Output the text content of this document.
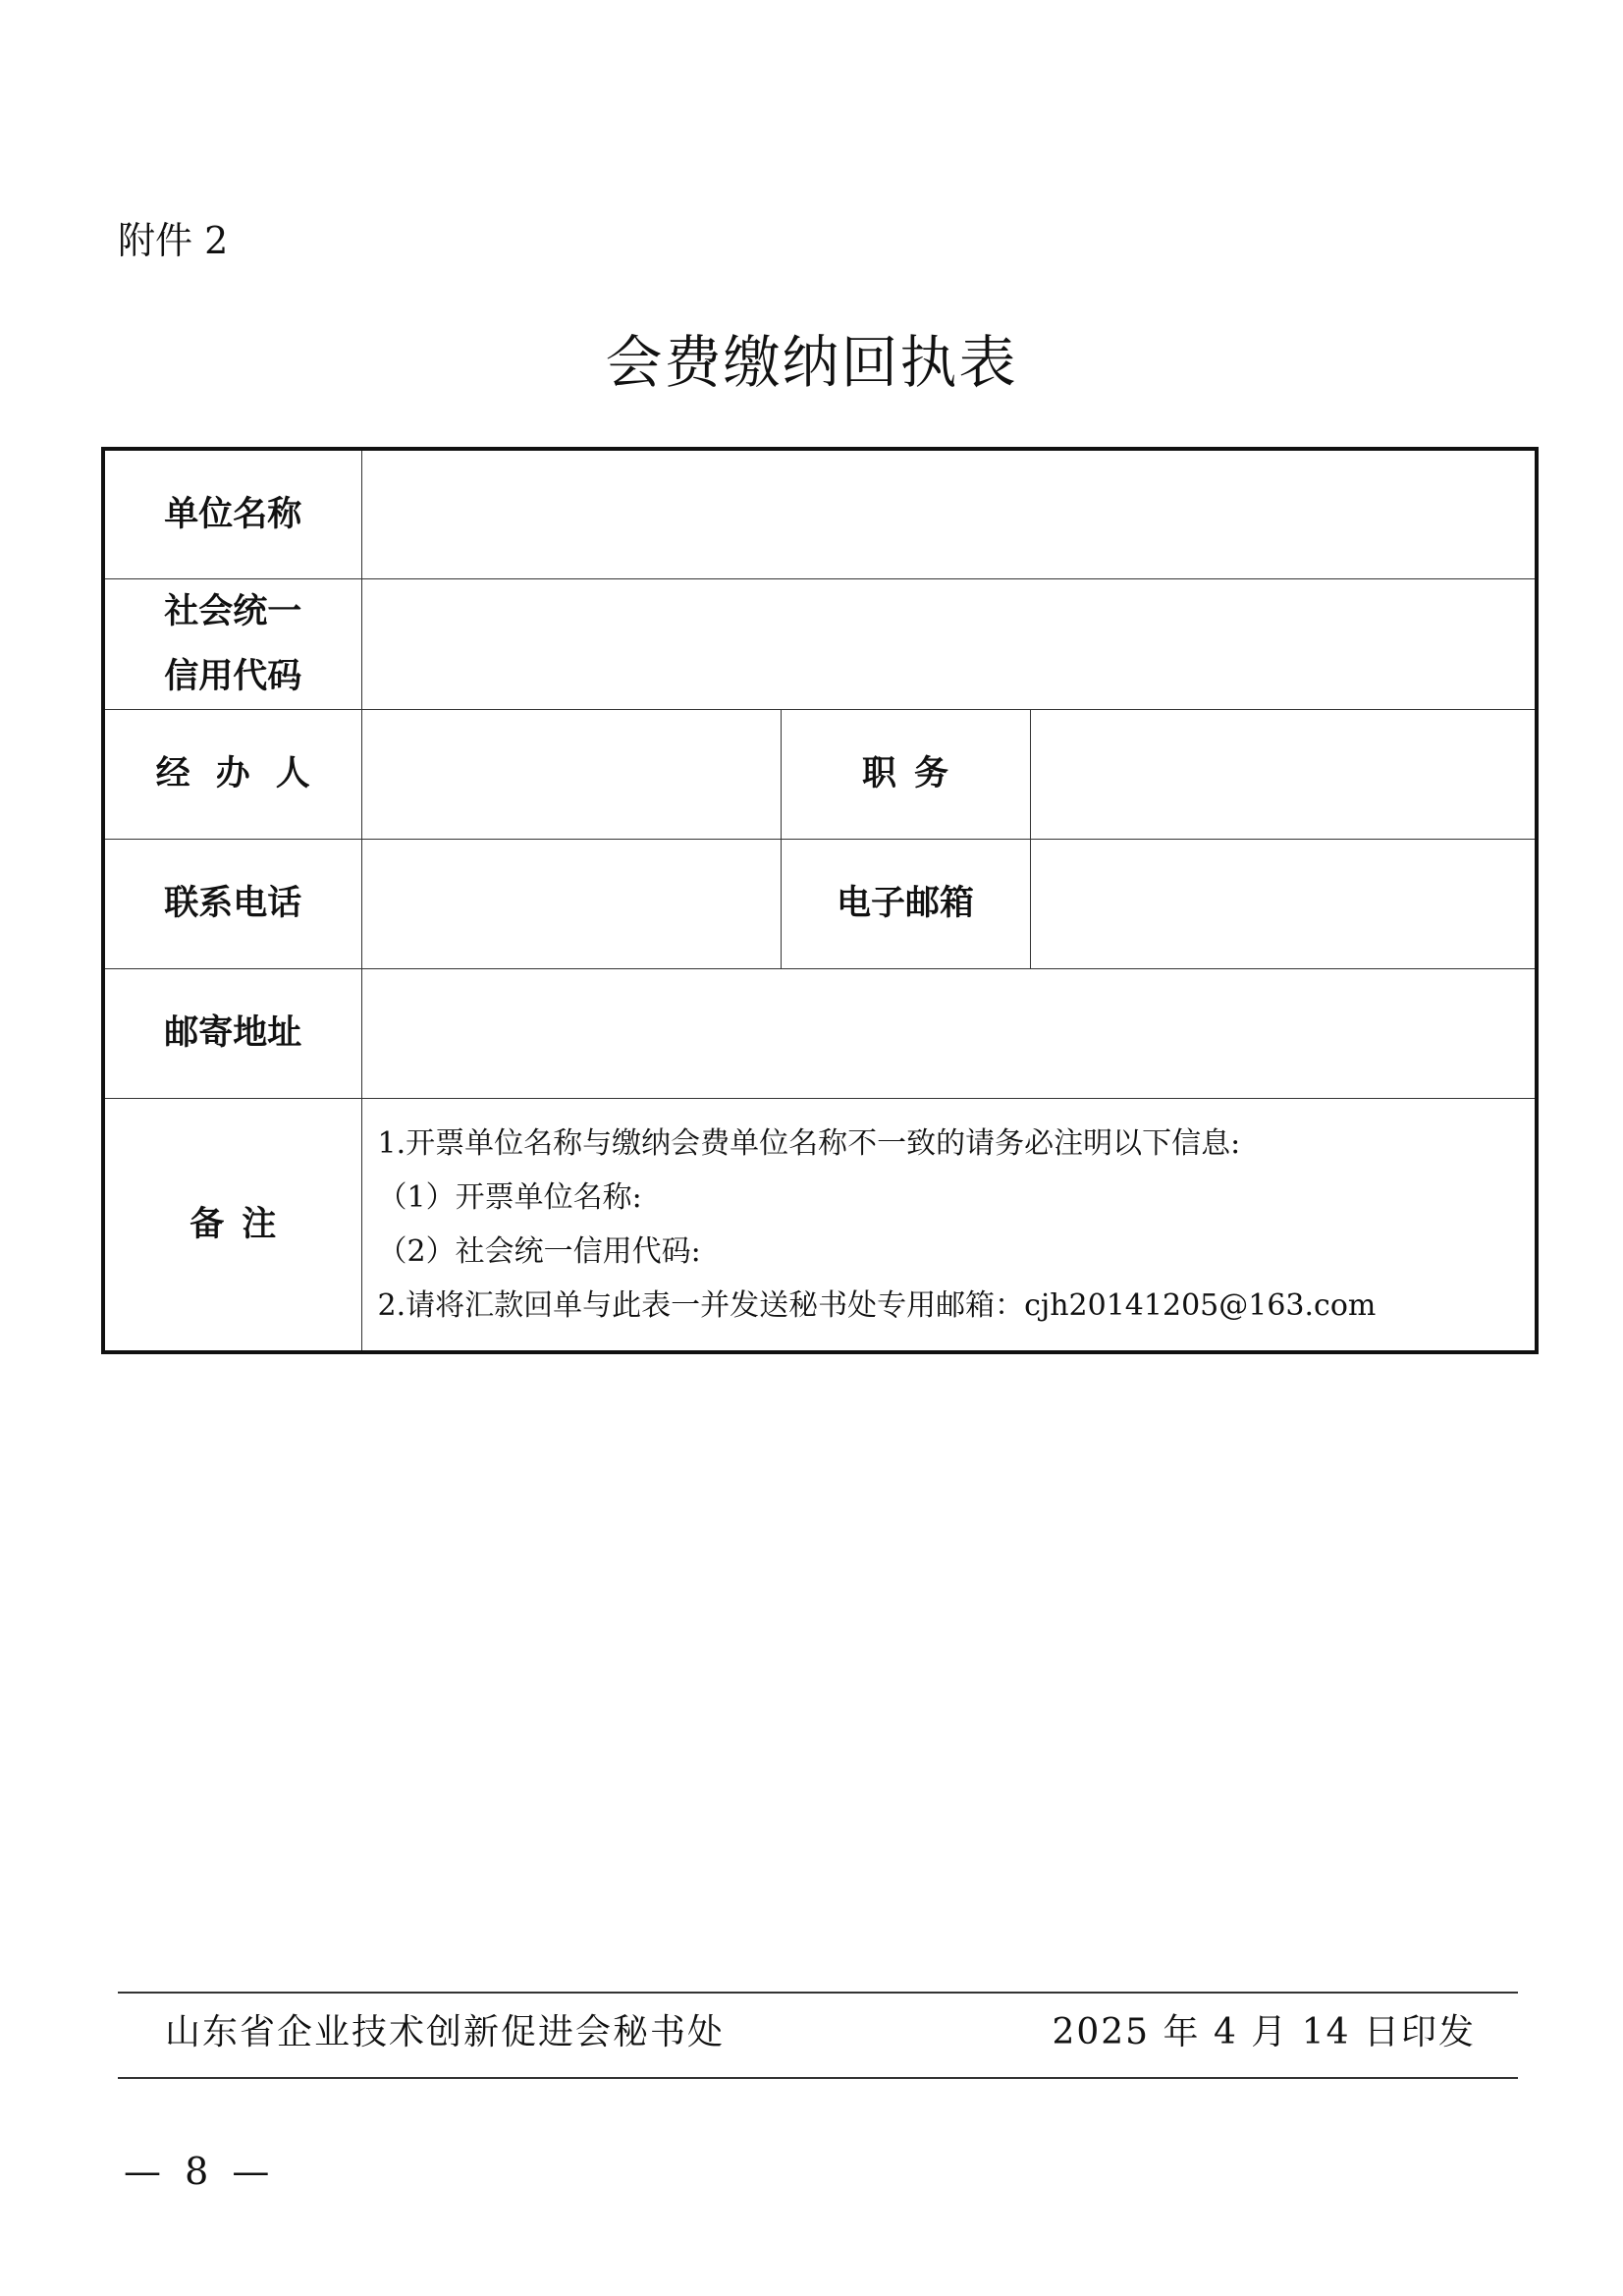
附件 2
会费缴纳回执表
单位名称			

社会统一
信用代码			

经办人		职务	
联系电话		电子邮箱	
邮寄地址			
备注	1.开票单位名称与缴纳会费单位名称不一致的请务必注明以下信息:
（1）开票单位名称:
（2）社会统一信用代码:
2.请将汇款回单与此表一并发送秘书处专用邮箱：cjh20141205@163.com		
山东省企业技术创新促进会秘书处	2025 年 4 月 14 日印发
— 8 —
